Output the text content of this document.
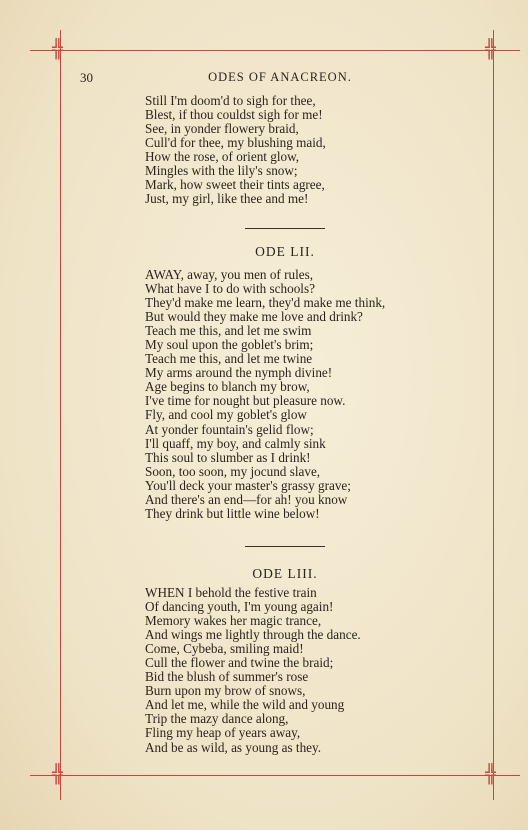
╬	╬
╬	╬
30	ODES OF ANACREON.
Still I'm doom'd to sigh for thee,
Blest, if thou couldst sigh for me!
See, in yonder flowery braid,
Cull'd for thee, my blushing maid,
How the rose, of orient glow,
Mingles with the lily's snow;
Mark, how sweet their tints agree,
Just, my girl, like thee and me!
ODE LII.
AWAY, away, you men of rules,
What have I to do with schools?
They'd make me learn, they'd make me think,
But would they make me love and drink?
Teach me this, and let me swim
My soul upon the goblet's brim;
Teach me this, and let me twine
My arms around the nymph divine!
Age begins to blanch my brow,
I've time for nought but pleasure now.
Fly, and cool my goblet's glow
At yonder fountain's gelid flow;
I'll quaff, my boy, and calmly sink
This soul to slumber as I drink!
Soon, too soon, my jocund slave,
You'll deck your master's grassy grave;
And there's an end—for ah! you know
They drink but little wine below!
ODE LIII.
WHEN I behold the festive train
Of dancing youth, I'm young again!
Memory wakes her magic trance,
And wings me lightly through the dance.
Come, Cybeba, smiling maid!
Cull the flower and twine the braid;
Bid the blush of summer's rose
Burn upon my brow of snows,
And let me, while the wild and young
Trip the mazy dance along,
Fling my heap of years away,
And be as wild, as young as they.
